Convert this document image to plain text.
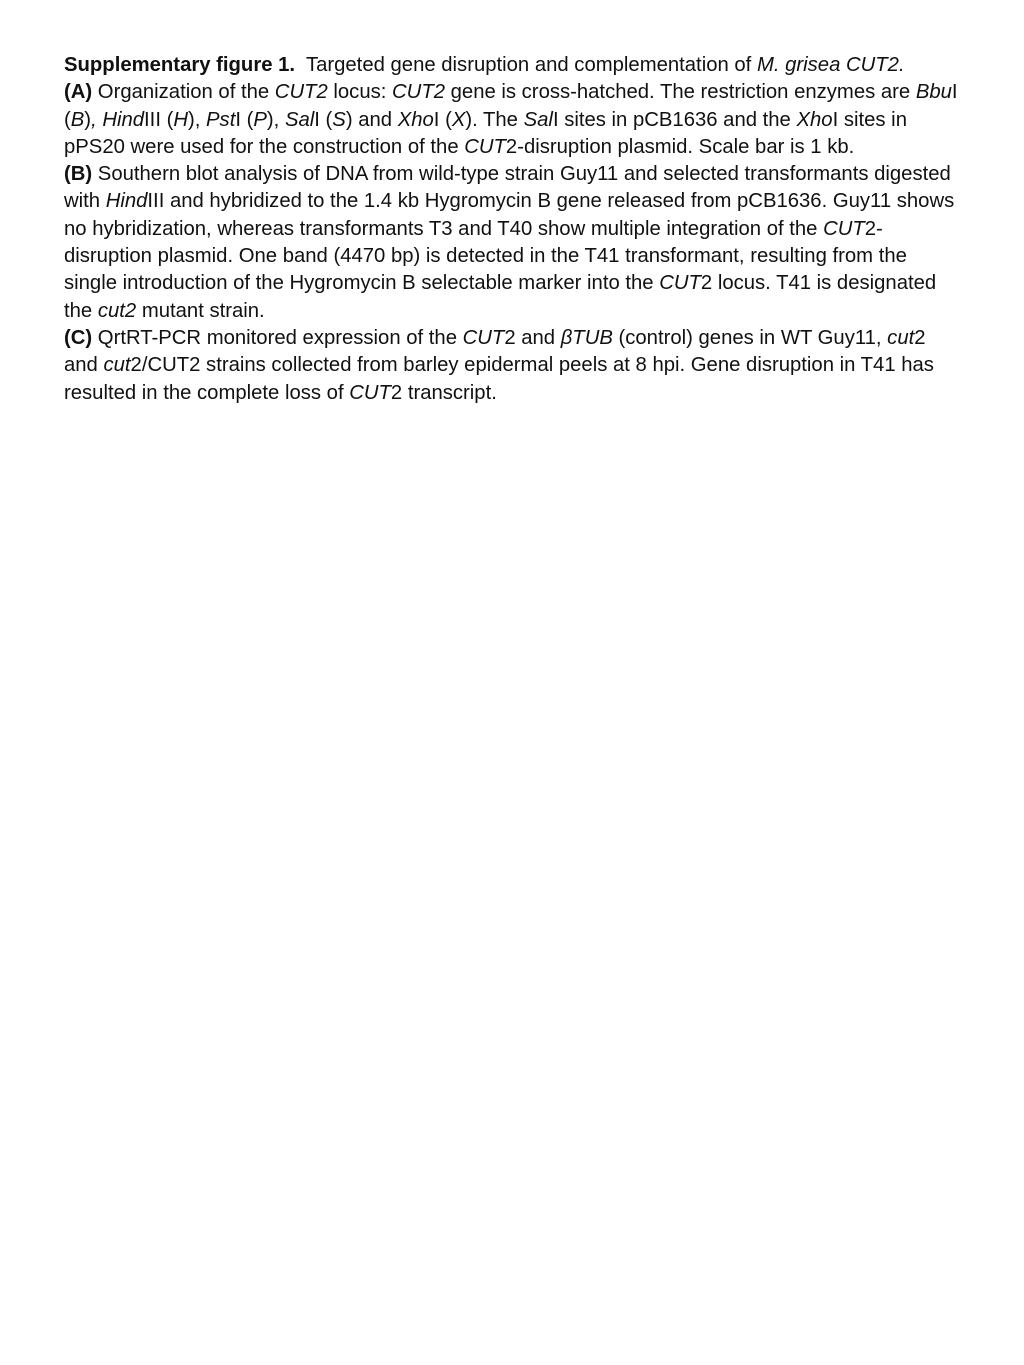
Supplementary figure 1. Targeted gene disruption and complementation of M. grisea CUT2.

(A) Organization of the CUT2 locus: CUT2 gene is cross-hatched. The restriction enzymes are BbuI (B), HindIII (H), PstI (P), SalI (S) and XhoI (X). The SalI sites in pCB1636 and the XhoI sites in pPS20 were used for the construction of the CUT2-disruption plasmid. Scale bar is 1 kb.

(B) Southern blot analysis of DNA from wild-type strain Guy11 and selected transformants digested with HindIII and hybridized to the 1.4 kb Hygromycin B gene released from pCB1636. Guy11 shows no hybridization, whereas transformants T3 and T40 show multiple integration of the CUT2-disruption plasmid. One band (4470 bp) is detected in the T41 transformant, resulting from the single introduction of the Hygromycin B selectable marker into the CUT2 locus. T41 is designated the cut2 mutant strain.

(C) QrtRT-PCR monitored expression of the CUT2 and βTUB (control) genes in WT Guy11, cut2 and cut2/CUT2 strains collected from barley epidermal peels at 8 hpi. Gene disruption in T41 has resulted in the complete loss of CUT2 transcript.
